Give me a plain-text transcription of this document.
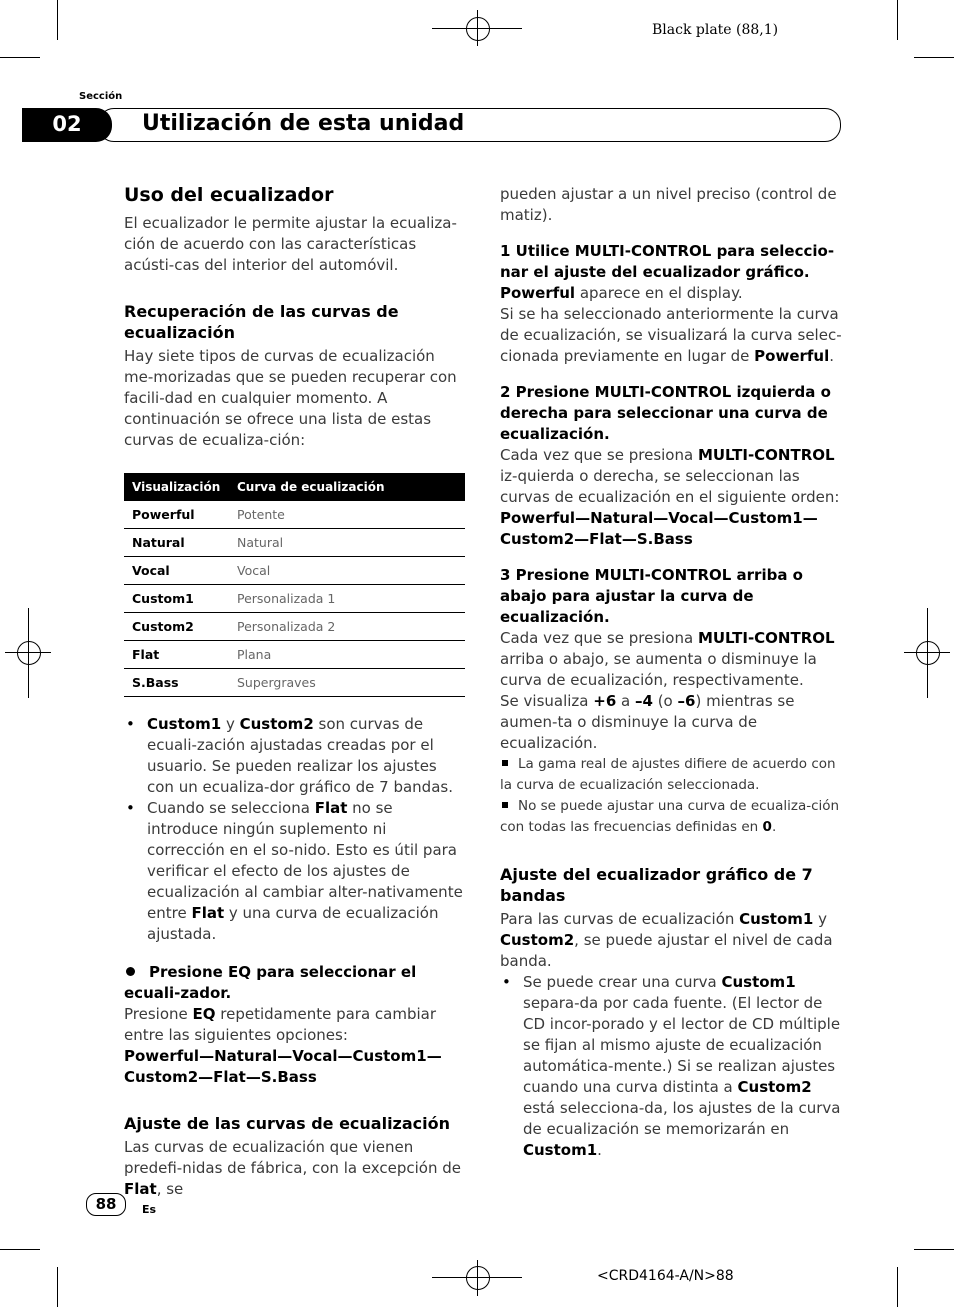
Black plate (88,1)
Sección
02	Utilización de esta unidad
Uso del ecualizador

El ecualizador le permite ajustar la ecualiza-ción de acuerdo con las características acústi-cas del interior del automóvil.

Recuperación de las curvas de ecualización

Hay siete tipos de curvas de ecualización me-morizadas que se pueden recuperar con facili-dad en cualquier momento. A continuación se ofrece una lista de estas curvas de ecualiza-ción:

Visualización	Curva de ecualización
Powerful	Potente
Natural	Natural
Vocal	Vocal
Custom1	Personalizada 1
Custom2	Personalizada 2
Flat	Plana
S.Bass	Supergraves
• Custom1 y Custom2 son curvas de ecuali-zación ajustadas creadas por el usuario. Se pueden realizar los ajustes con un ecualiza-dor gráfico de 7 bandas.
• Cuando se selecciona Flat no se introduce ningún suplemento ni corrección en el so-nido. Esto es útil para verificar el efecto de los ajustes de ecualización al cambiar alter-nativamente entre Flat y una curva de ecualización ajustada.

Presione EQ para seleccionar el ecuali-zador.

Presione EQ repetidamente para cambiar entre las siguientes opciones:

Powerful—Natural—Vocal—Custom1—
Custom2—Flat—S.Bass

Ajuste de las curvas de ecualización

Las curvas de ecualización que vienen predefi-nidas de fábrica, con la excepción de Flat, se

pueden ajustar a un nivel preciso (control de matiz).

1 Utilice MULTI-CONTROL para seleccio-nar el ajuste del ecualizador gráfico.

Powerful aparece en el display.

Si se ha seleccionado anteriormente la curva de ecualización, se visualizará la curva selec-cionada previamente en lugar de Powerful.

2 Presione MULTI-CONTROL izquierda o derecha para seleccionar una curva de ecualización.

Cada vez que se presiona MULTI-CONTROL iz-quierda o derecha, se seleccionan las curvas de ecualización en el siguiente orden:

Powerful—Natural—Vocal—Custom1—
Custom2—Flat—S.Bass

3 Presione MULTI-CONTROL arriba o abajo para ajustar la curva de ecualización.

Cada vez que se presiona MULTI-CONTROL arriba o abajo, se aumenta o disminuye la curva de ecualización, respectivamente.

Se visualiza +6 a –4 (o –6) mientras se aumen-ta o disminuye la curva de ecualización.

La gama real de ajustes difiere de acuerdo con la curva de ecualización seleccionada.

No se puede ajustar una curva de ecualiza-ción con todas las frecuencias definidas en 0.

Ajuste del ecualizador gráfico de 7 bandas

Para las curvas de ecualización Custom1 y Custom2, se puede ajustar el nivel de cada banda.

• Se puede crear una curva Custom1 separa-da por cada fuente. (El lector de CD incor-porado y el lector de CD múltiple se fijan al mismo ajuste de ecualización automática-mente.) Si se realizan ajustes cuando una curva distinta a Custom2 está selecciona-da, los ajustes de la curva de ecualización se memorizarán en Custom1.
88	Es
<CRD4164-A/N>88
